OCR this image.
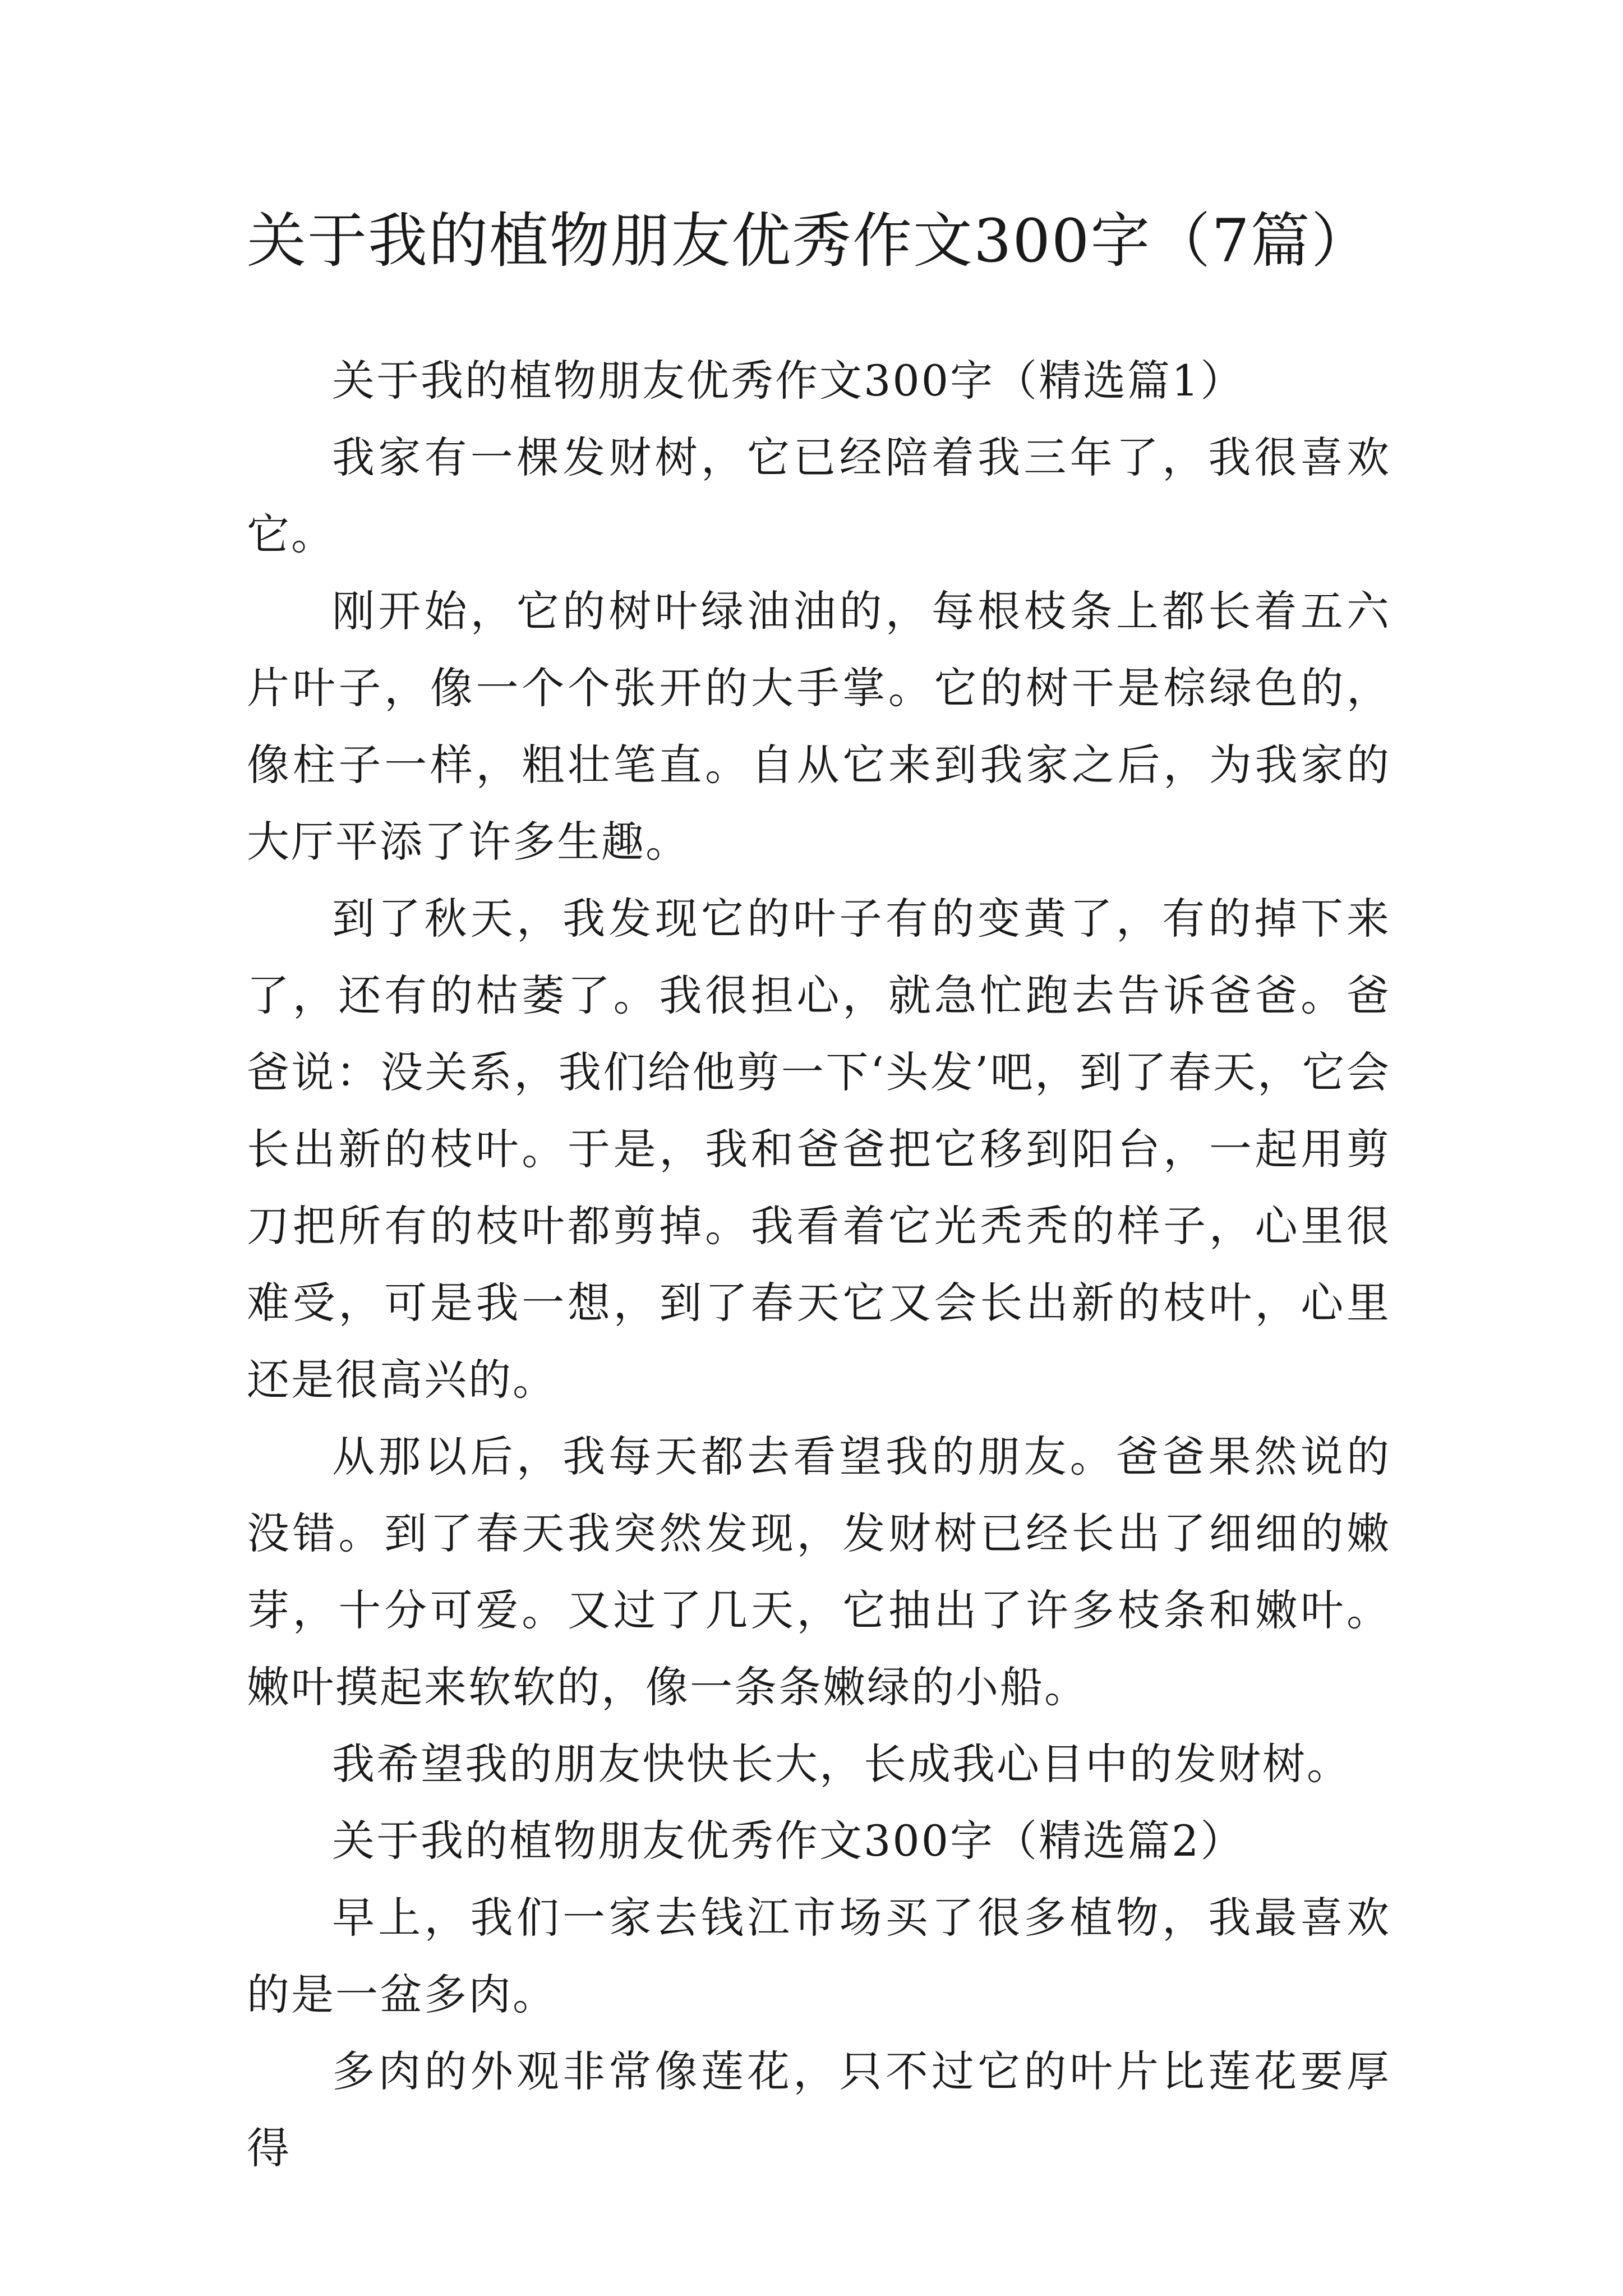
关于我的植物朋友优秀作文300字（7篇）

关于我的植物朋友优秀作文300字（精选篇1）

我家有一棵发财树，它已经陪着我三年了，我很喜欢它。

刚开始，它的树叶绿油油的，每根枝条上都长着五六片叶子，像一个个张开的大手掌。它的树干是棕绿色的，像柱子一样，粗壮笔直。自从它来到我家之后，为我家的大厅平添了许多生趣。

到了秋天，我发现它的叶子有的变黄了，有的掉下来了，还有的枯萎了。我很担心，就急忙跑去告诉爸爸。爸爸说：没关系，我们给他剪一下‘头发’吧，到了春天，它会长出新的枝叶。于是，我和爸爸把它移到阳台，一起用剪刀把所有的枝叶都剪掉。我看着它光秃秃的样子，心里很难受，可是我一想，到了春天它又会长出新的枝叶，心里还是很高兴的。

从那以后，我每天都去看望我的朋友。爸爸果然说的没错。到了春天我突然发现，发财树已经长出了细细的嫩芽，十分可爱。又过了几天，它抽出了许多枝条和嫩叶。嫩叶摸起来软软的，像一条条嫩绿的小船。

我希望我的朋友快快长大，长成我心目中的发财树。

关于我的植物朋友优秀作文300字（精选篇2）

早上，我们一家去钱江市场买了很多植物，我最喜欢的是一盆多肉。

多肉的外观非常像莲花，只不过它的叶片比莲花要厚得
